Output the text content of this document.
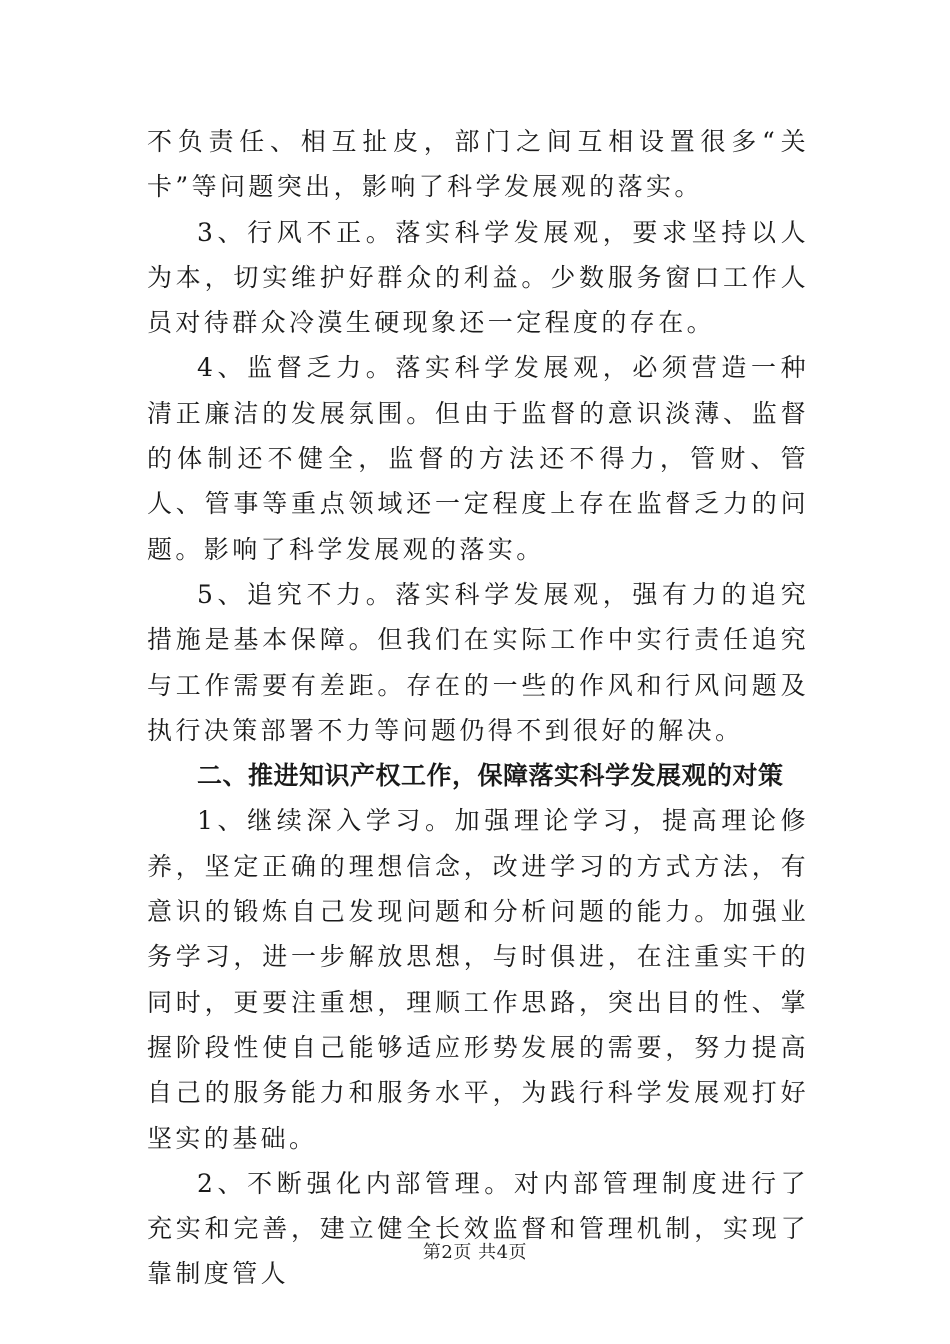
不负责任、相互扯皮，部门之间互相设置很多“关卡”等问题突出，影响了科学发展观的落实。

3、行风不正。落实科学发展观，要求坚持以人为本，切实维护好群众的利益。少数服务窗口工作人员对待群众冷漠生硬现象还一定程度的存在。

4、监督乏力。落实科学发展观，必须营造一种清正廉洁的发展氛围。但由于监督的意识淡薄、监督的体制还不健全，监督的方法还不得力，管财、管人、管事等重点领域还一定程度上存在监督乏力的问题。影响了科学发展观的落实。

5、追究不力。落实科学发展观，强有力的追究措施是基本保障。但我们在实际工作中实行责任追究与工作需要有差距。存在的一些的作风和行风问题及执行决策部署不力等问题仍得不到很好的解决。

二、推进知识产权工作，保障落实科学发展观的对策

1、继续深入学习。加强理论学习，提高理论修养，坚定正确的理想信念，改进学习的方式方法，有意识的锻炼自己发现问题和分析问题的能力。加强业务学习，进一步解放思想，与时俱进，在注重实干的同时，更要注重想，理顺工作思路，突出目的性、掌握阶段性使自己能够适应形势发展的需要，努力提高自己的服务能力和服务水平，为践行科学发展观打好坚实的基础。

2、不断强化内部管理。对内部管理制度进行了充实和完善，建立健全长效监督和管理机制，实现了靠制度管人

第2页 共4页
